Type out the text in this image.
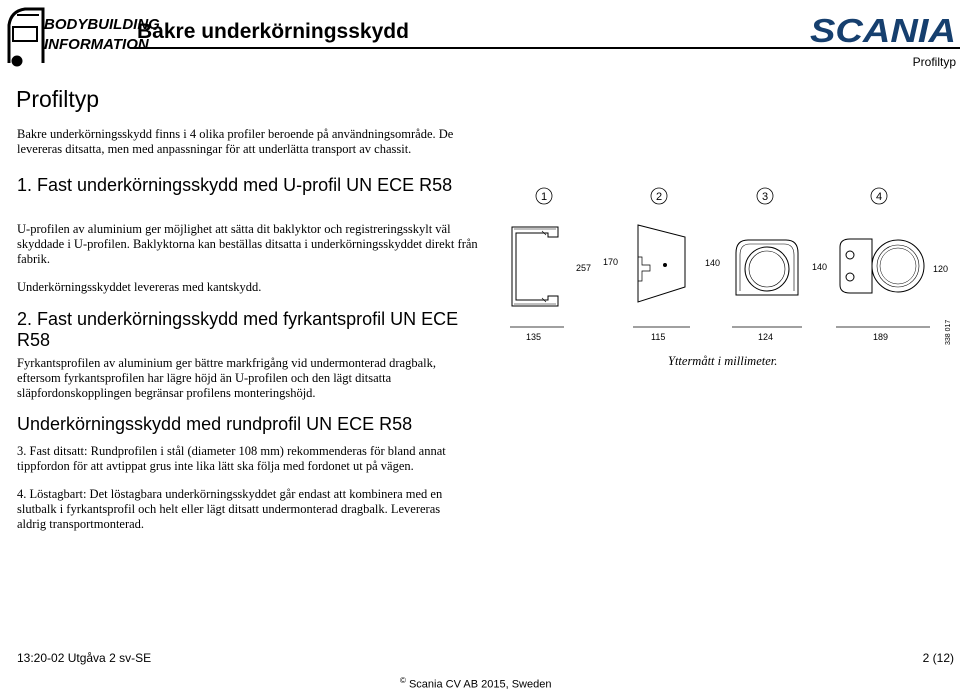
BODYBUILDING
INFORMATION
Bakre underkörningsskydd	SCANIA
Profiltyp
Profiltyp
Bakre underkörningsskydd finns i 4 olika profiler beroende på användningsområde. De levereras ditsatta, men med anpassningar för att underlätta transport av chassit.
1. Fast underkörningsskydd med U-profil UN ECE R58
U-profilen av aluminium ger möjlighet att sätta dit baklyktor och registreringsskylt väl skyddade i U-profilen. Baklyktorna kan beställas ditsatta i underkörningsskyddet direkt från fabrik.
Underkörningsskyddet levereras med kantskydd.
2. Fast underkörningsskydd med fyrkantsprofil UN ECE R58
Fyrkantsprofilen av aluminium ger bättre markfrigång vid undermonterad dragbalk, eftersom fyrkantsprofilen har lägre höjd än U-profilen och den lägt ditsatta släpfordonskopplingen begränsar profilens monteringshöjd.
Underkörningsskydd med rundprofil UN ECE R58
3. Fast ditsatt: Rundprofilen i stål (diameter 108 mm) rekommenderas för bland annat tippfordon för att avtippat grus inte lika lätt ska följa med fordonet ut på vägen.
4. Löstagbart: Det löstagbara underkörningsskyddet går endast att kombinera med en slutbalk i fyrkantsprofil och helt eller lägt ditsatt undermonterad dragbalk. Levereras aldrig transportmonterad.
1	2	3	4
257
170	140	140	120
135	115	124	189	338 017
Yttermått i millimeter.
13:20-02 Utgåva 2 sv-SE	2 (12)
© Scania CV AB 2015, Sweden
